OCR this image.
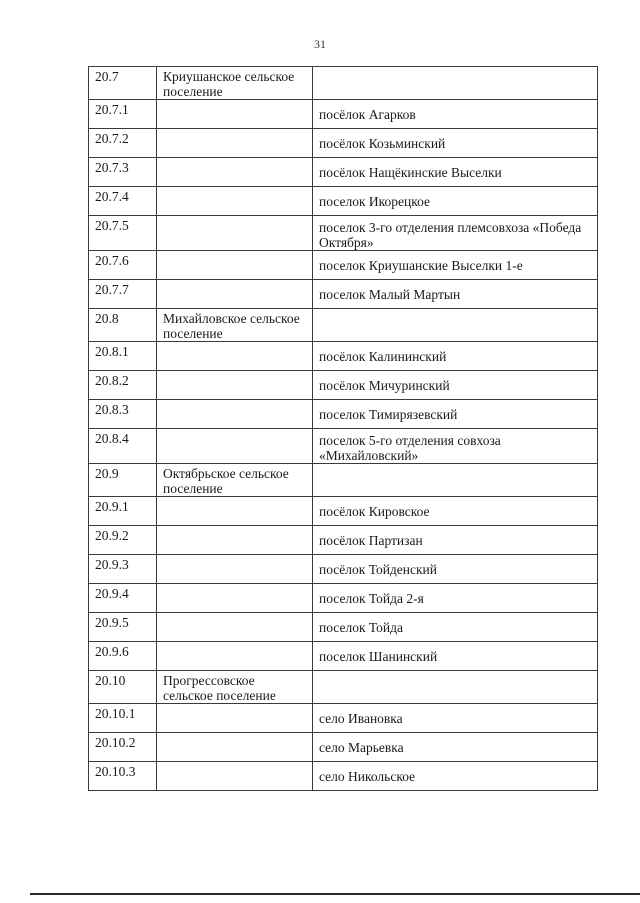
31
20.7	Криушанское сельское поселение	
20.7.1		посёлок Агарков
20.7.2		посёлок Козьминский
20.7.3		посёлок Нащёкинские Выселки
20.7.4		поселок Икорецкое
20.7.5		поселок 3-го отделения племсовхоза «Победа Октября»
20.7.6		поселок Криушанские Выселки 1-е
20.7.7		поселок Малый Мартын
20.8	Михайловское сельское поселение	
20.8.1		посёлок Калининский
20.8.2		посёлок Мичуринский
20.8.3		поселок Тимирязевский
20.8.4		поселок 5-го отделения совхоза «Михайловский»
20.9	Октябрьское сельское поселение	
20.9.1		посёлок Кировское
20.9.2		посёлок Партизан
20.9.3		посёлок Тойденский
20.9.4		поселок Тойда 2-я
20.9.5		поселок Тойда
20.9.6		поселок Шанинский
20.10	Прогрессовское сельское поселение	
20.10.1		село Ивановка
20.10.2		село Марьевка
20.10.3		село Никольское
